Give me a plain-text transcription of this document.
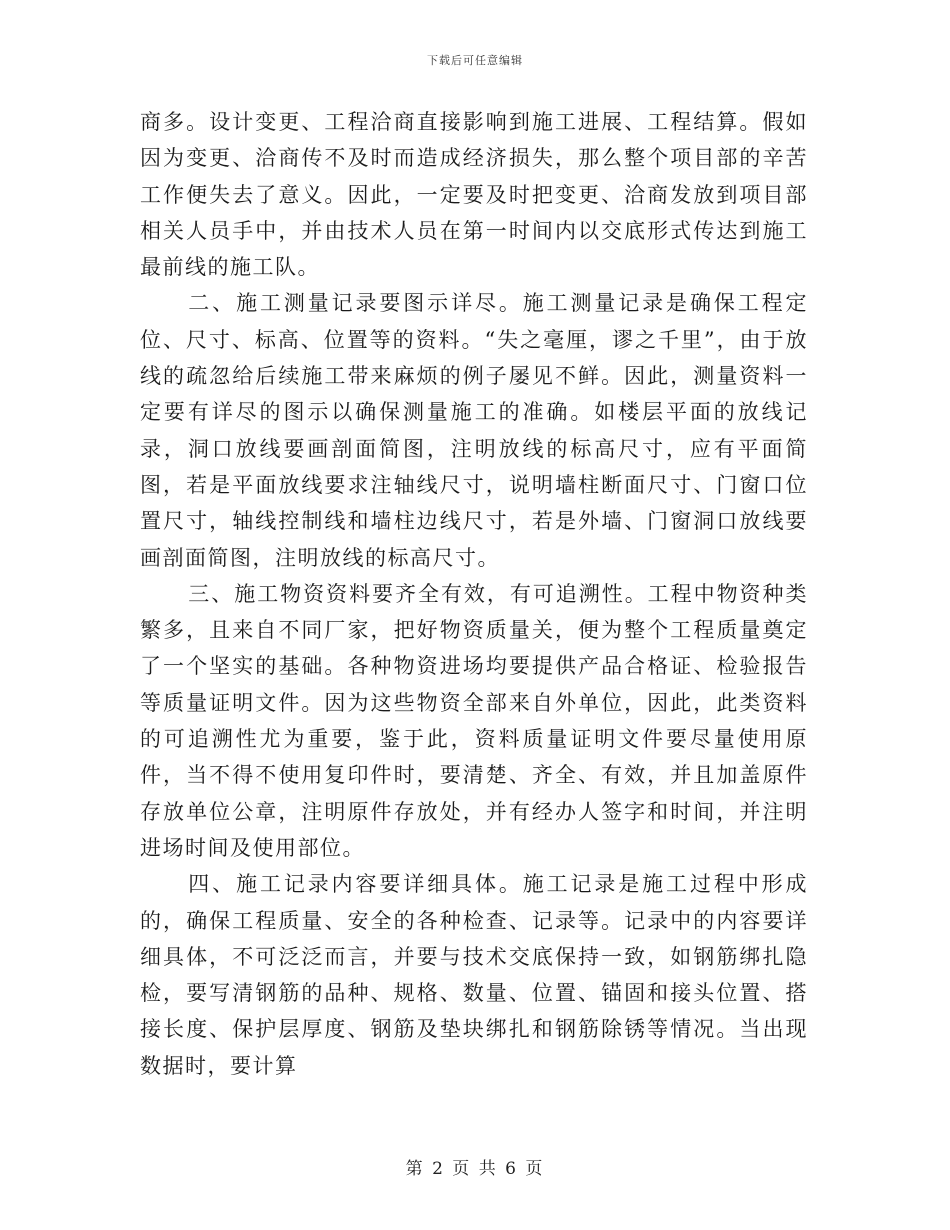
下载后可任意编辑

商多。设计变更、工程洽商直接影响到施工进展、工程结算。假如因为变更、洽商传不及时而造成经济损失，那么整个项目部的辛苦工作便失去了意义。因此，一定要及时把变更、洽商发放到项目部相关人员手中，并由技术人员在第一时间内以交底形式传达到施工最前线的施工队。

二、施工测量记录要图示详尽。施工测量记录是确保工程定位、尺寸、标高、位置等的资料。“失之毫厘，谬之千里”，由于放线的疏忽给后续施工带来麻烦的例子屡见不鲜。因此，测量资料一定要有详尽的图示以确保测量施工的准确。如楼层平面的放线记录，洞口放线要画剖面简图，注明放线的标高尺寸，应有平面简图，若是平面放线要求注轴线尺寸，说明墙柱断面尺寸、门窗口位置尺寸，轴线控制线和墙柱边线尺寸，若是外墙、门窗洞口放线要画剖面简图，注明放线的标高尺寸。

三、施工物资资料要齐全有效，有可追溯性。工程中物资种类繁多，且来自不同厂家，把好物资质量关，便为整个工程质量奠定了一个坚实的基础。各种物资进场均要提供产品合格证、检验报告等质量证明文件。因为这些物资全部来自外单位，因此，此类资料的可追溯性尤为重要，鉴于此，资料质量证明文件要尽量使用原件，当不得不使用复印件时，要清楚、齐全、有效，并且加盖原件存放单位公章，注明原件存放处，并有经办人签字和时间，并注明进场时间及使用部位。

四、施工记录内容要详细具体。施工记录是施工过程中形成的，确保工程质量、安全的各种检查、记录等。记录中的内容要详细具体，不可泛泛而言，并要与技术交底保持一致，如钢筋绑扎隐检，要写清钢筋的品种、规格、数量、位置、锚固和接头位置、搭接长度、保护层厚度、钢筋及垫块绑扎和钢筋除锈等情况。当出现数据时，要计算

第 2 页 共 6 页
